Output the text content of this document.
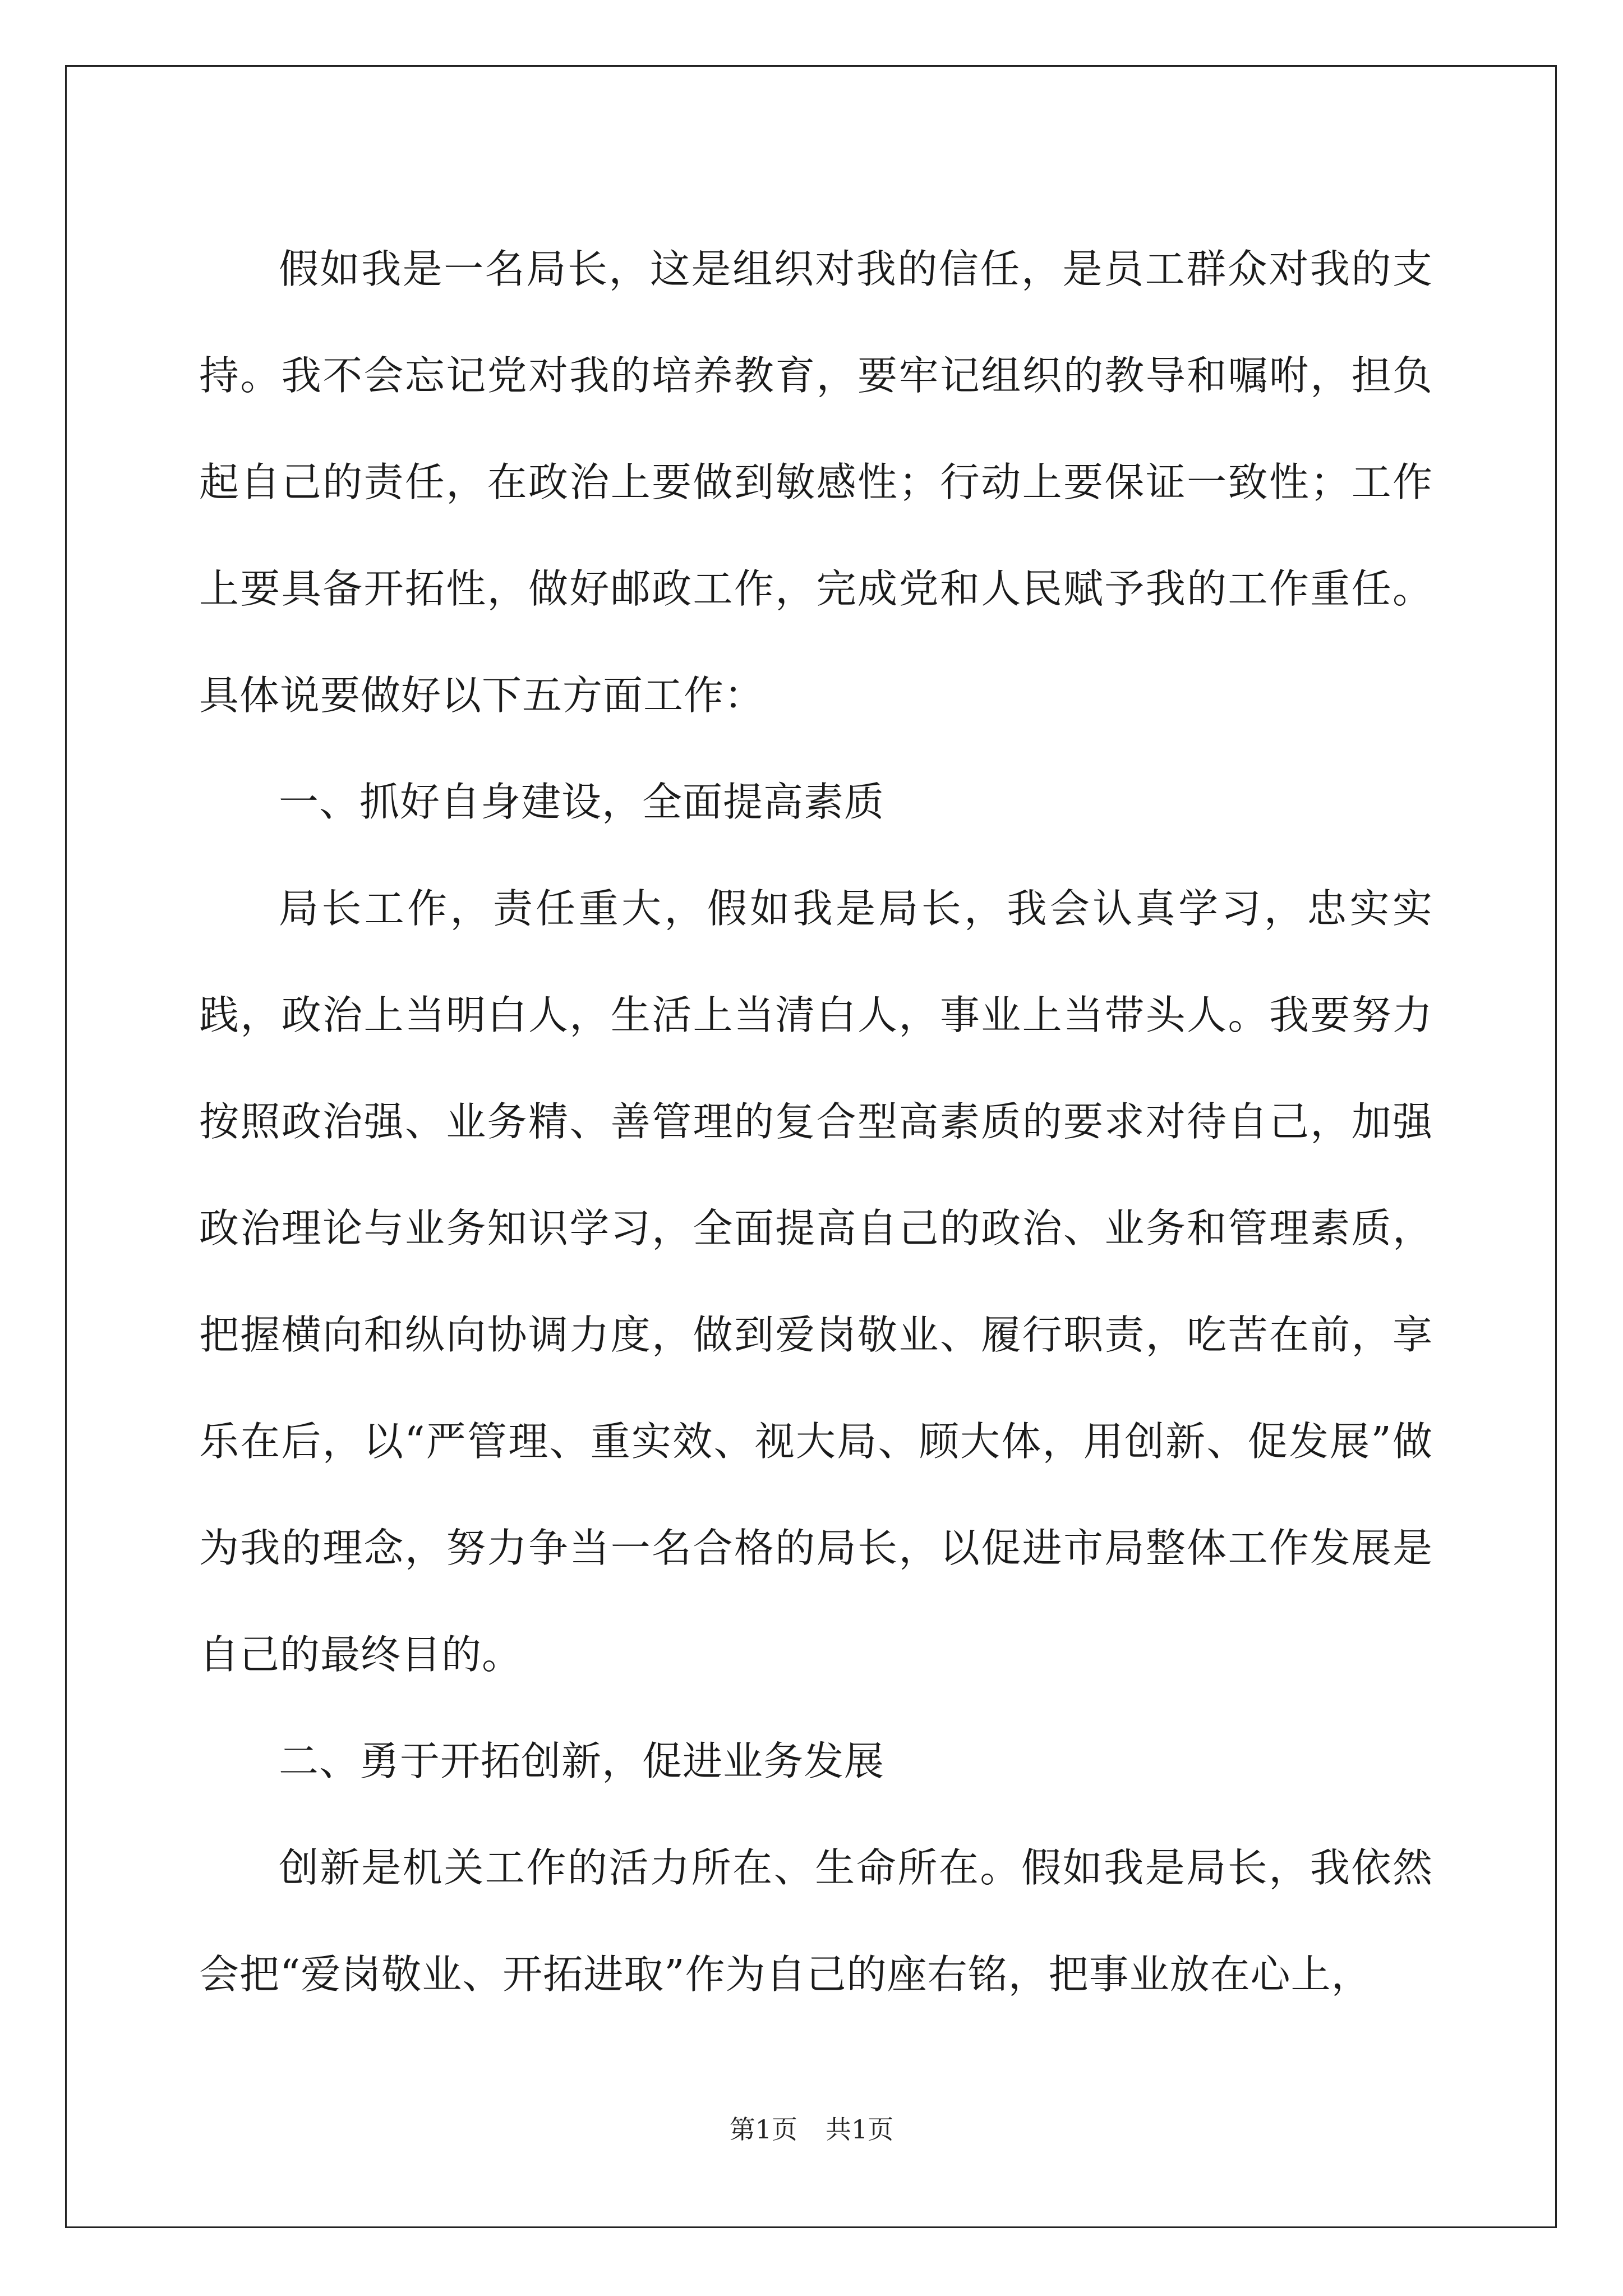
假如我是一名局长，这是组织对我的信任，是员工群众对我的支持。我不会忘记党对我的培养教育，要牢记组织的教导和嘱咐，担负起自己的责任，在政治上要做到敏感性；行动上要保证一致性；工作上要具备开拓性，做好邮政工作，完成党和人民赋予我的工作重任。具体说要做好以下五方面工作：

一、抓好自身建设，全面提高素质

局长工作，责任重大，假如我是局长，我会认真学习，忠实实践，政治上当明白人，生活上当清白人，事业上当带头人。我要努力按照政治强、业务精、善管理的复合型高素质的要求对待自己，加强政治理论与业务知识学习，全面提高自己的政治、业务和管理素质，把握横向和纵向协调力度，做到爱岗敬业、履行职责，吃苦在前，享乐在后，以“严管理、重实效、视大局、顾大体，用创新、促发展”做为我的理念，努力争当一名合格的局长，以促进市局整体工作发展是自己的最终目的。

二、勇于开拓创新，促进业务发展

创新是机关工作的活力所在、生命所在。假如我是局长，我依然会把“爱岗敬业、开拓进取”作为自己的座右铭，把事业放在心上，

第1页 共1页
